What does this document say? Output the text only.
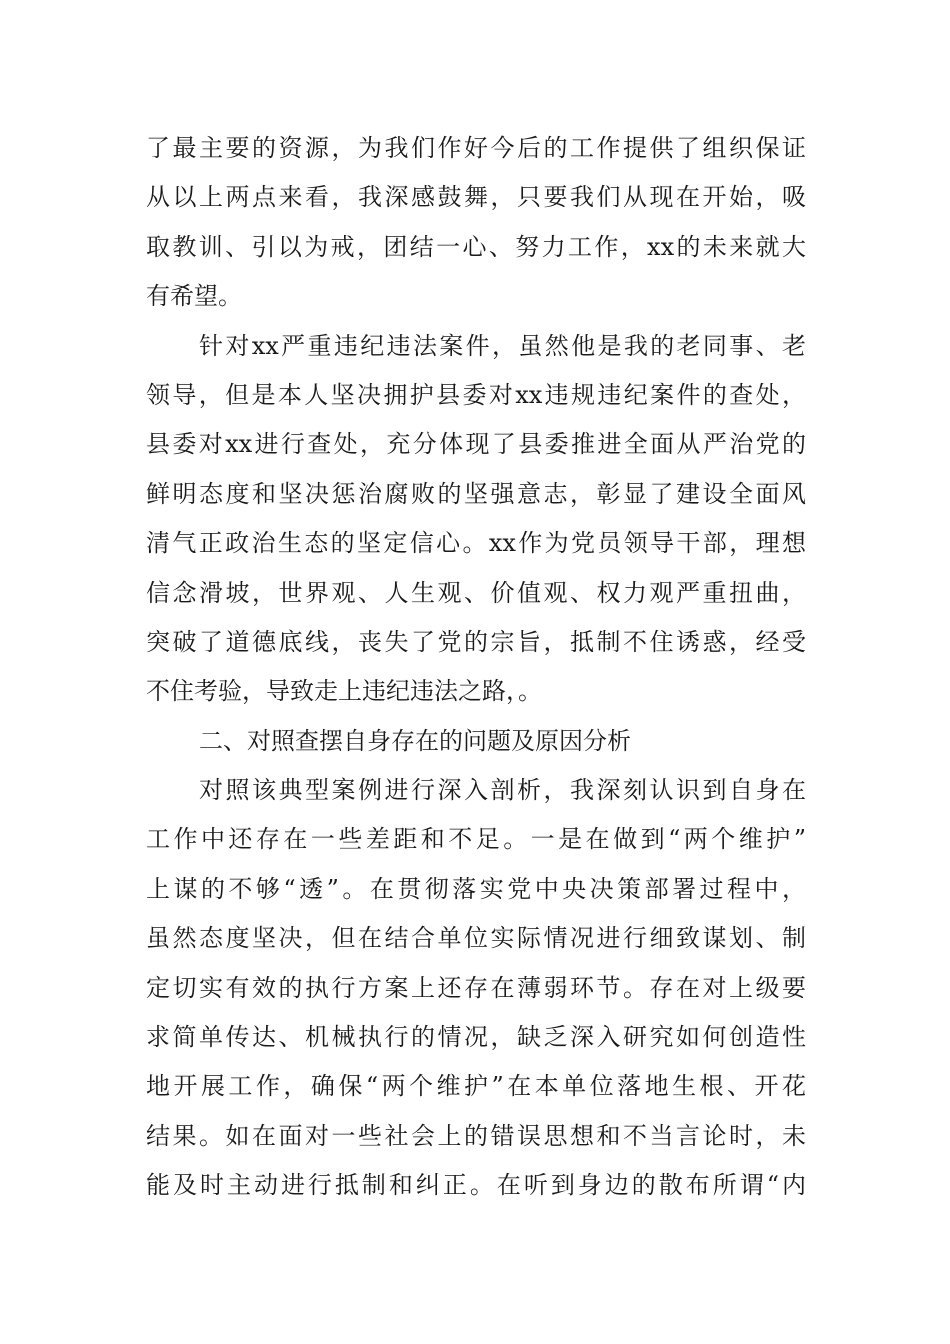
了最主要的资源，为我们作好今后的工作提供了组织保证
从以上两点来看，我深感鼓舞，只要我们从现在开始，吸
取教训、引以为戒，团结一心、努力工作，xx的未来就大
有希望。
针对xx严重违纪违法案件，虽然他是我的老同事、老
领导，但是本人坚决拥护县委对xx违规违纪案件的查处，
县委对xx进行查处，充分体现了县委推进全面从严治党的
鲜明态度和坚决惩治腐败的坚强意志，彰显了建设全面风
清气正政治生态的坚定信心。xx作为党员领导干部，理想
信念滑坡，世界观、人生观、价值观、权力观严重扭曲，
突破了道德底线，丧失了党的宗旨，抵制不住诱惑，经受
不住考验，导致走上违纪违法之路，。
二、对照查摆自身存在的问题及原因分析
对照该典型案例进行深入剖析，我深刻认识到自身在
工作中还存在一些差距和不足。一是在做到“两个维护”
上谋的不够“透”。在贯彻落实党中央决策部署过程中，
虽然态度坚决，但在结合单位实际情况进行细致谋划、制
定切实有效的执行方案上还存在薄弱环节。存在对上级要
求简单传达、机械执行的情况，缺乏深入研究如何创造性
地开展工作，确保“两个维护”在本单位落地生根、开花
结果。如在面对一些社会上的错误思想和不当言论时，未
能及时主动进行抵制和纠正。在听到身边的散布所谓“内
